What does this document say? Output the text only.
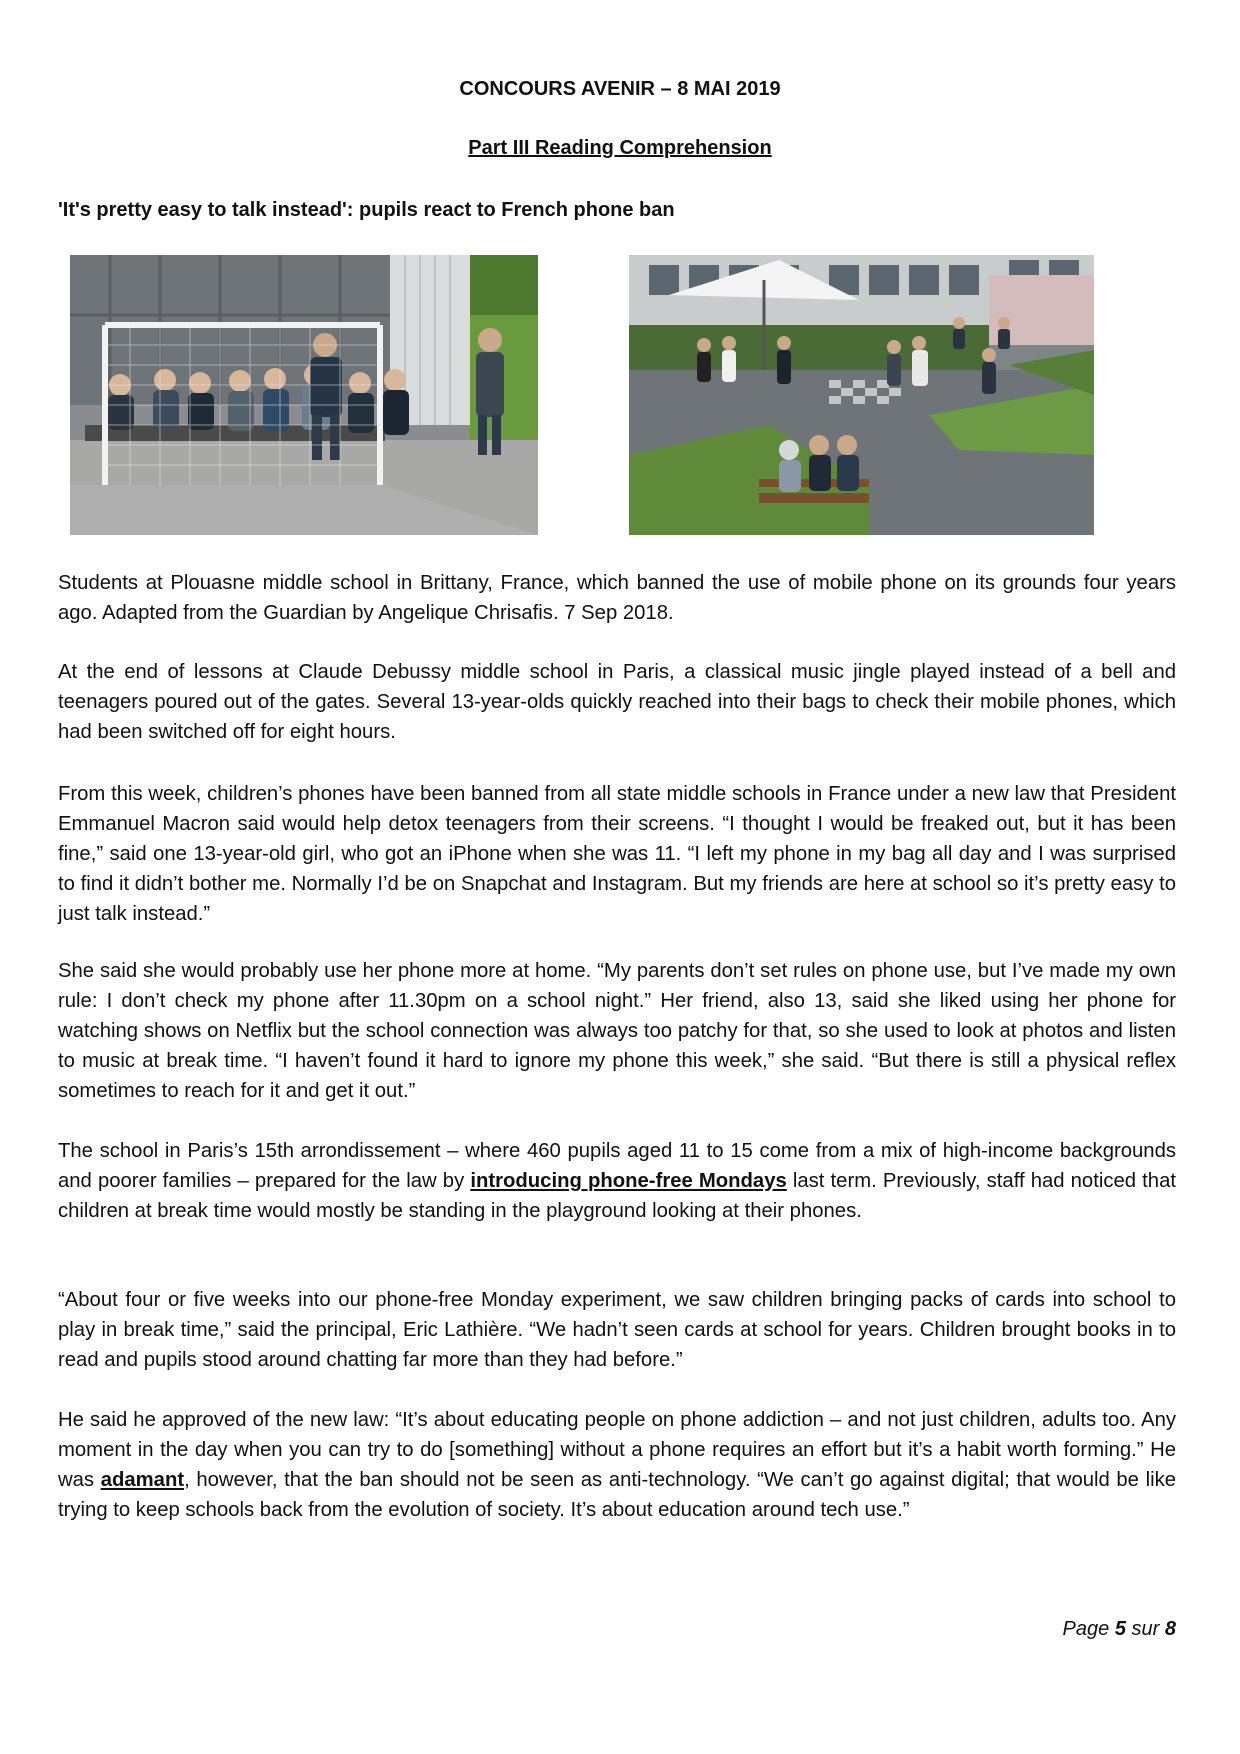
CONCOURS AVENIR – 8 MAI 2019
Part III Reading Comprehension
'It's pretty easy to talk instead': pupils react to French phone ban

Students at Plouasne middle school in Brittany, France, which banned the use of mobile phone on its grounds four years ago. Adapted from the Guardian by Angelique Chrisafis. 7 Sep 2018.

At the end of lessons at Claude Debussy middle school in Paris, a classical music jingle played instead of a bell and teenagers poured out of the gates. Several 13-year-olds quickly reached into their bags to check their mobile phones, which had been switched off for eight hours.

From this week, children’s phones have been banned from all state middle schools in France under a new law that President Emmanuel Macron said would help detox teenagers from their screens. “I thought I would be freaked out, but it has been fine,” said one 13-year-old girl, who got an iPhone when she was 11. “I left my phone in my bag all day and I was surprised to find it didn’t bother me. Normally I’d be on Snapchat and Instagram. But my friends are here at school so it’s pretty easy to just talk instead.”

She said she would probably use her phone more at home. “My parents don’t set rules on phone use, but I’ve made my own rule: I don’t check my phone after 11.30pm on a school night.” Her friend, also 13, said she liked using her phone for watching shows on Netflix but the school connection was always too patchy for that, so she used to look at photos and listen to music at break time. “I haven’t found it hard to ignore my phone this week,” she said. “But there is still a physical reflex sometimes to reach for it and get it out.”

The school in Paris’s 15th arrondissement – where 460 pupils aged 11 to 15 come from a mix of high-income backgrounds and poorer families – prepared for the law by introducing phone-free Mondays last term. Previously, staff had noticed that children at break time would mostly be standing in the playground looking at their phones.

“About four or five weeks into our phone-free Monday experiment, we saw children bringing packs of cards into school to play in break time,” said the principal, Eric Lathière. “We hadn’t seen cards at school for years. Children brought books in to read and pupils stood around chatting far more than they had before.”

He said he approved of the new law: “It’s about educating people on phone addiction – and not just children, adults too. Any moment in the day when you can try to do [something] without a phone requires an effort but it’s a habit worth forming.” He was adamant, however, that the ban should not be seen as anti-technology. “We can’t go against digital; that would be like trying to keep schools back from the evolution of society. It’s about education around tech use.”

Page 5 sur 8
